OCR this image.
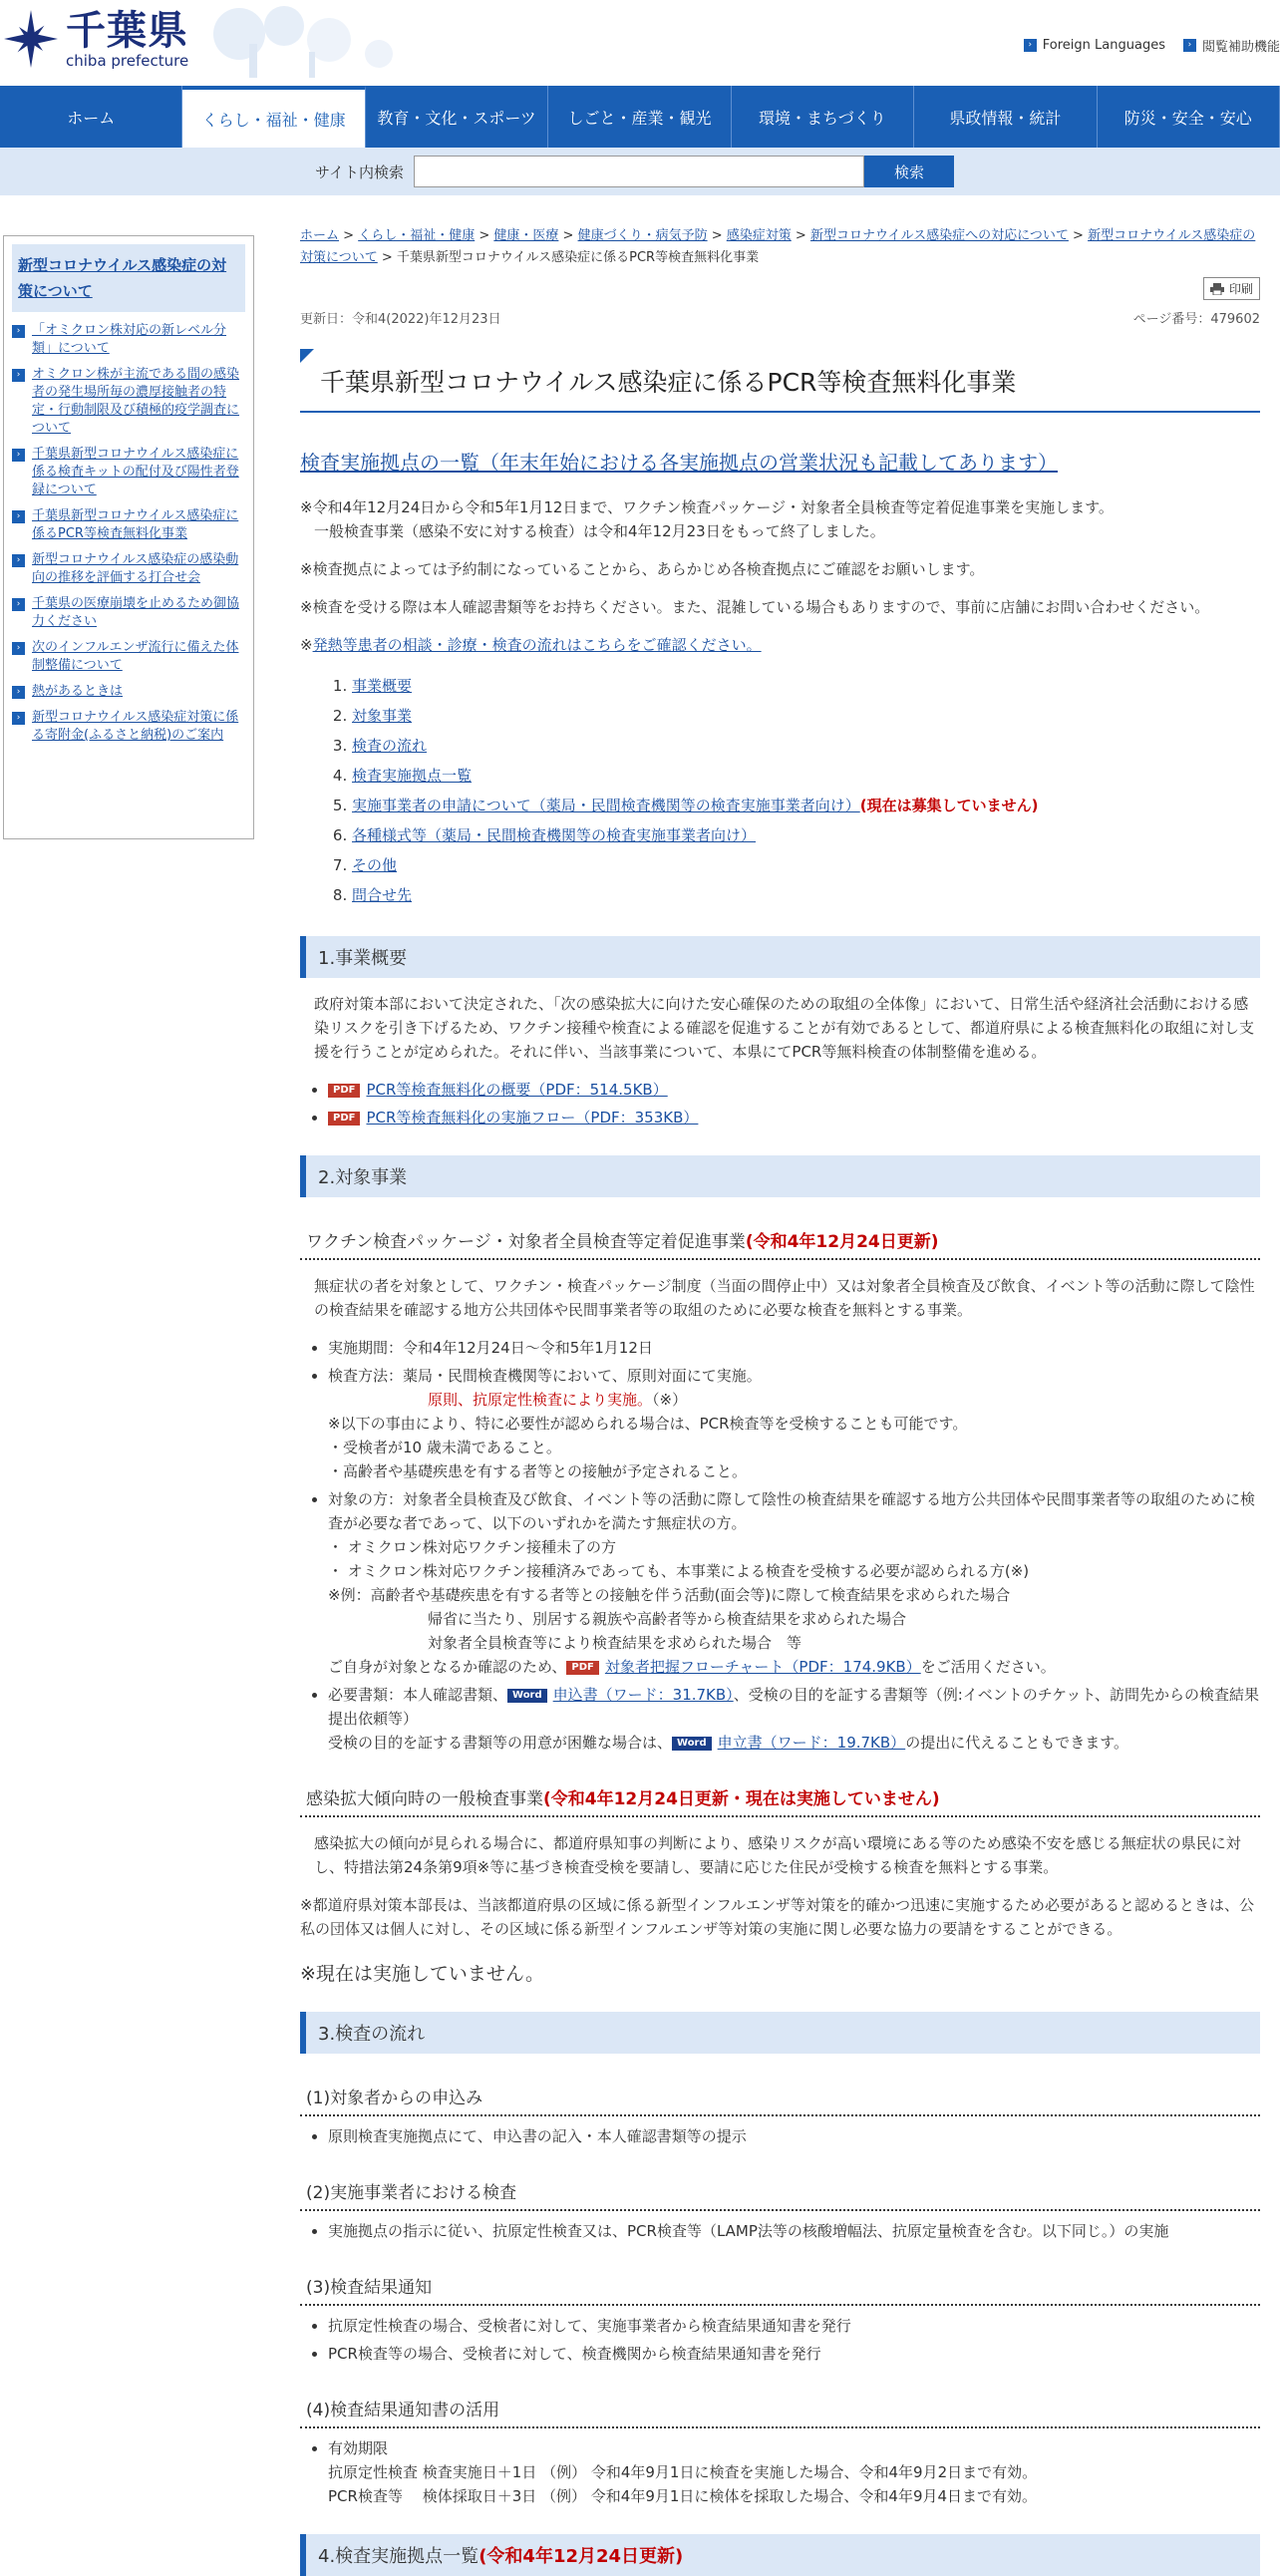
千葉県
chiba prefecture
› Foreign Languages	› 閲覧補助機能
ホーム	くらし・福祉・健康	教育・文化・スポーツ	しごと・産業・観光	環境・まちづくり	県政情報・統計	防災・安全・安心
サイト内検索	検索
新型コロナウイルス感染症の対策について
› 「オミクロン株対応の新レベル分類」について
› オミクロン株が主流である間の感染者の発生場所毎の濃厚接触者の特定・行動制限及び積極的疫学調査について
› 千葉県新型コロナウイルス感染症に係る検査キットの配付及び陽性者登録について
› 千葉県新型コロナウイルス感染症に係るPCR等検査無料化事業
› 新型コロナウイルス感染症の感染動向の推移を評価する打合せ会
› 千葉県の医療崩壊を止めるため御協力ください
› 次のインフルエンザ流行に備えた体制整備について
› 熱があるときは
› 新型コロナウイルス感染症対策に係る寄附金(ふるさと納税)のご案内
ホーム > くらし・福祉・健康 > 健康・医療 > 健康づくり・病気予防 > 感染症対策 > 新型コロナウイルス感染症への対応について > 新型コロナウイルス感染症の対策について > 千葉県新型コロナウイルス感染症に係るPCR等検査無料化事業
印刷
更新日：令和4(2022)年12月23日	ページ番号：479602
千葉県新型コロナウイルス感染症に係るPCR等検査無料化事業
検査実施拠点の一覧（年末年始における各実施拠点の営業状況も記載してあります）

※令和4年12月24日から令和5年1月12日まで、ワクチン検査パッケージ・対象者全員検査等定着促進事業を実施します。
一般検査事業（感染不安に対する検査）は令和4年12月23日をもって終了しました。

※検査拠点によっては予約制になっていることから、あらかじめ各検査拠点にご確認をお願いします。

※検査を受ける際は本人確認書類等をお持ちください。また、混雑している場合もありますので、事前に店舗にお問い合わせください。

※発熱等患者の相談・診療・検査の流れはこちらをご確認ください。

1. 事業概要
2. 対象事業
3. 検査の流れ
4. 検査実施拠点一覧
5. 実施事業者の申請について（薬局・民間検査機関等の検査実施事業者向け）(現在は募集していません)
6. 各種様式等（薬局・民間検査機関等の検査実施事業者向け）
7. その他
8. 問合せ先
1.事業概要

政府対策本部において決定された、「次の感染拡大に向けた安心確保のための取組の全体像」において、日常生活や経済社会活動における感染リスクを引き下げるため、ワクチン接種や検査による確認を促進することが有効であるとして、都道府県による検査無料化の取組に対し支援を行うことが定められた。それに伴い、当該事業について、本県にてPCR等無料検査の体制整備を進める。

• PDF PCR等検査無料化の概要（PDF：514.5KB）
• PDF PCR等検査無料化の実施フロー（PDF：353KB）
2.対象事業
ワクチン検査パッケージ・対象者全員検査等定着促進事業(令和4年12月24日更新)

無症状の者を対象として、ワクチン・検査パッケージ制度（当面の間停止中）又は対象者全員検査及び飲食、イベント等の活動に際して陰性の検査結果を確認する地方公共団体や民間事業者等の取組のために必要な検査を無料とする事業。

• 実施期間：令和4年12月24日～令和5年1月12日
• 検査方法：薬局・民間検査機関等において、原則対面にて実施。
原則、抗原定性検査により実施。（※）
※以下の事由により、特に必要性が認められる場合は、PCR検査等を受検することも可能です。
・受検者が10 歳未満であること。
・高齢者や基礎疾患を有する者等との接触が予定されること。
• 対象の方：対象者全員検査及び飲食、イベント等の活動に際して陰性の検査結果を確認する地方公共団体や民間事業者等の取組のために検査が必要な者であって、以下のいずれかを満たす無症状の方。
・ オミクロン株対応ワクチン接種未了の方
・ オミクロン株対応ワクチン接種済みであっても、本事業による検査を受検する必要が認められる方(※)
※例：高齢者や基礎疾患を有する者等との接触を伴う活動(面会等)に際して検査結果を求められた場合
帰省に当たり、別居する親族や高齢者等から検査結果を求められた場合
対象者全員検査等により検査結果を求められた場合　等
ご自身が対象となるか確認のため、 PDF 対象者把握フローチャート（PDF：174.9KB）をご活用ください。
• 必要書類：本人確認書類、 Word 申込書（ワード：31.7KB）、受検の目的を証する書類等（例:イベントのチケット、訪問先からの検査結果提出依頼等）
受検の目的を証する書類等の用意が困難な場合は、 Word 申立書（ワード：19.7KB）の提出に代えることもできます。
感染拡大傾向時の一般検査事業(令和4年12月24日更新・現在は実施していません)

感染拡大の傾向が見られる場合に、都道府県知事の判断により、感染リスクが高い環境にある等のため感染不安を感じる無症状の県民に対し、特措法第24条第9項※等に基づき検査受検を要請し、要請に応じた住民が受検する検査を無料とする事業。

※都道府県対策本部長は、当該都道府県の区域に係る新型インフルエンザ等対策を的確かつ迅速に実施するため必要があると認めるときは、公私の団体又は個人に対し、その区域に係る新型インフルエンザ等対策の実施に関し必要な協力の要請をすることができる。

※現在は実施していません。
3.検査の流れ
(1)対象者からの申込み
• 原則検査実施拠点にて、申込書の記入・本人確認書類等の提示
(2)実施事業者における検査
• 実施拠点の指示に従い、抗原定性検査又は、PCR検査等（LAMP法等の核酸増幅法、抗原定量検査を含む。以下同じ。）の実施
(3)検査結果通知
• 抗原定性検査の場合、受検者に対して、実施事業者から検査結果通知書を発行
• PCR検査等の場合、受検者に対して、検査機関から検査結果通知書を発行
(4)検査結果通知書の活用
• 有効期限
抗原定性検査 検査実施日＋1日 （例） 令和4年9月1日に検査を実施した場合、令和4年9月2日まで有効。
PCR検査等　 検体採取日＋3日 （例） 令和4年9月1日に検体を採取した場合、令和4年9月4日まで有効。
4.検査実施拠点一覧(令和4年12月24日更新)
